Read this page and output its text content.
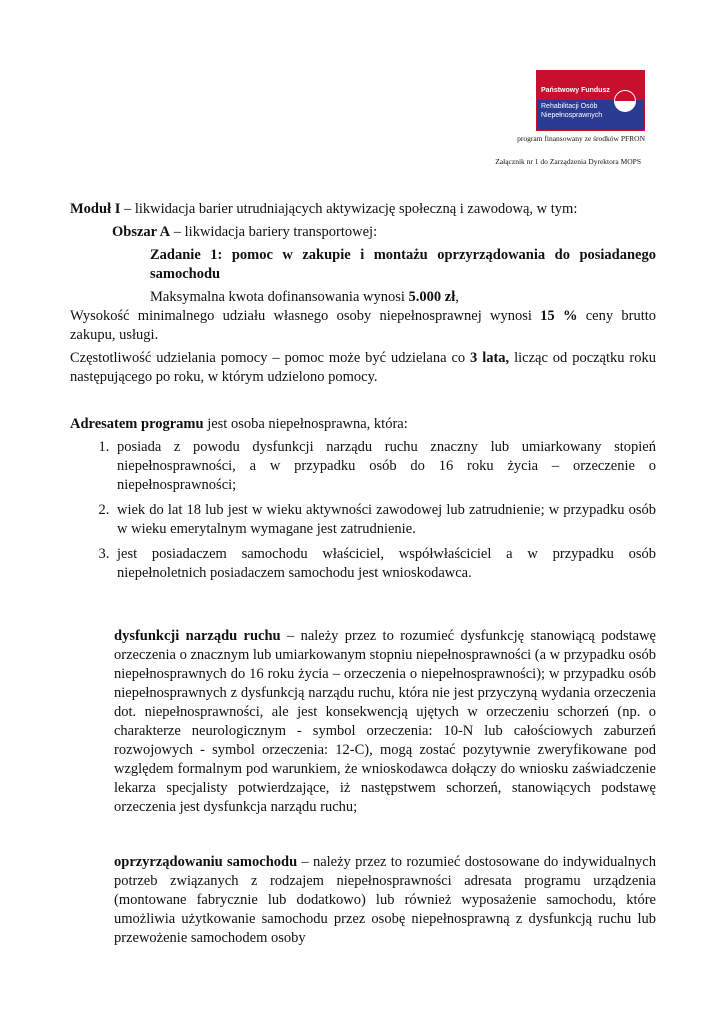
Państwowy Fundusz
Rehabilitacji Osób
Niepełnosprawnych
program finansowany ze środków PFRON
Załącznik nr 1 do Zarządzenia Dyrektora MOPS

Moduł I – likwidacja barier utrudniających aktywizację społeczną i zawodową, w tym:

Obszar A – likwidacja bariery transportowej:

Zadanie 1: pomoc w zakupie i montażu oprzyrządowania do posiadanego samochodu

Maksymalna kwota dofinansowania wynosi 5.000 zł,

Wysokość minimalnego udziału własnego osoby niepełnosprawnej wynosi 15 % ceny brutto zakupu, usługi.

Częstotliwość udzielania pomocy – pomoc może być udzielana co 3 lata, licząc od początku roku następującego po roku, w którym udzielono pomocy.

Adresatem programu jest osoba niepełnosprawna, która:

1. posiada z powodu dysfunkcji narządu ruchu znaczny lub umiarkowany stopień niepełnosprawności, a w przypadku osób do 16 roku życia – orzeczenie o niepełnosprawności;
2. wiek do lat 18 lub jest w wieku aktywności zawodowej lub zatrudnienie; w przypadku osób w wieku emerytalnym wymagane jest zatrudnienie.
3. jest posiadaczem samochodu właściciel, współwłaściciel a w przypadku osób niepełnoletnich posiadaczem samochodu jest wnioskodawca.

dysfunkcji narządu ruchu – należy przez to rozumieć dysfunkcję stanowiącą podstawę orzeczenia o znacznym lub umiarkowanym stopniu niepełnosprawności (a w przypadku osób niepełnosprawnych do 16 roku życia – orzeczenia o niepełnosprawności); w przypadku osób niepełnosprawnych z dysfunkcją narządu ruchu, która nie jest przyczyną wydania orzeczenia dot. niepełnosprawności, ale jest konsekwencją ujętych w orzeczeniu schorzeń (np. o charakterze neurologicznym - symbol orzeczenia: 10-N lub całościowych zaburzeń rozwojowych - symbol orzeczenia: 12-C), mogą zostać pozytywnie zweryfikowane pod względem formalnym pod warunkiem, że wnioskodawca dołączy do wniosku zaświadczenie lekarza specjalisty potwierdzające, iż następstwem schorzeń, stanowiących podstawę orzeczenia jest dysfunkcja narządu ruchu;

oprzyrządowaniu samochodu – należy przez to rozumieć dostosowane do indywidualnych potrzeb związanych z rodzajem niepełnosprawności adresata programu urządzenia (montowane fabrycznie lub dodatkowo) lub również wyposażenie samochodu, które umożliwia użytkowanie samochodu przez osobę niepełnosprawną z dysfunkcją ruchu lub przewożenie samochodem osoby
